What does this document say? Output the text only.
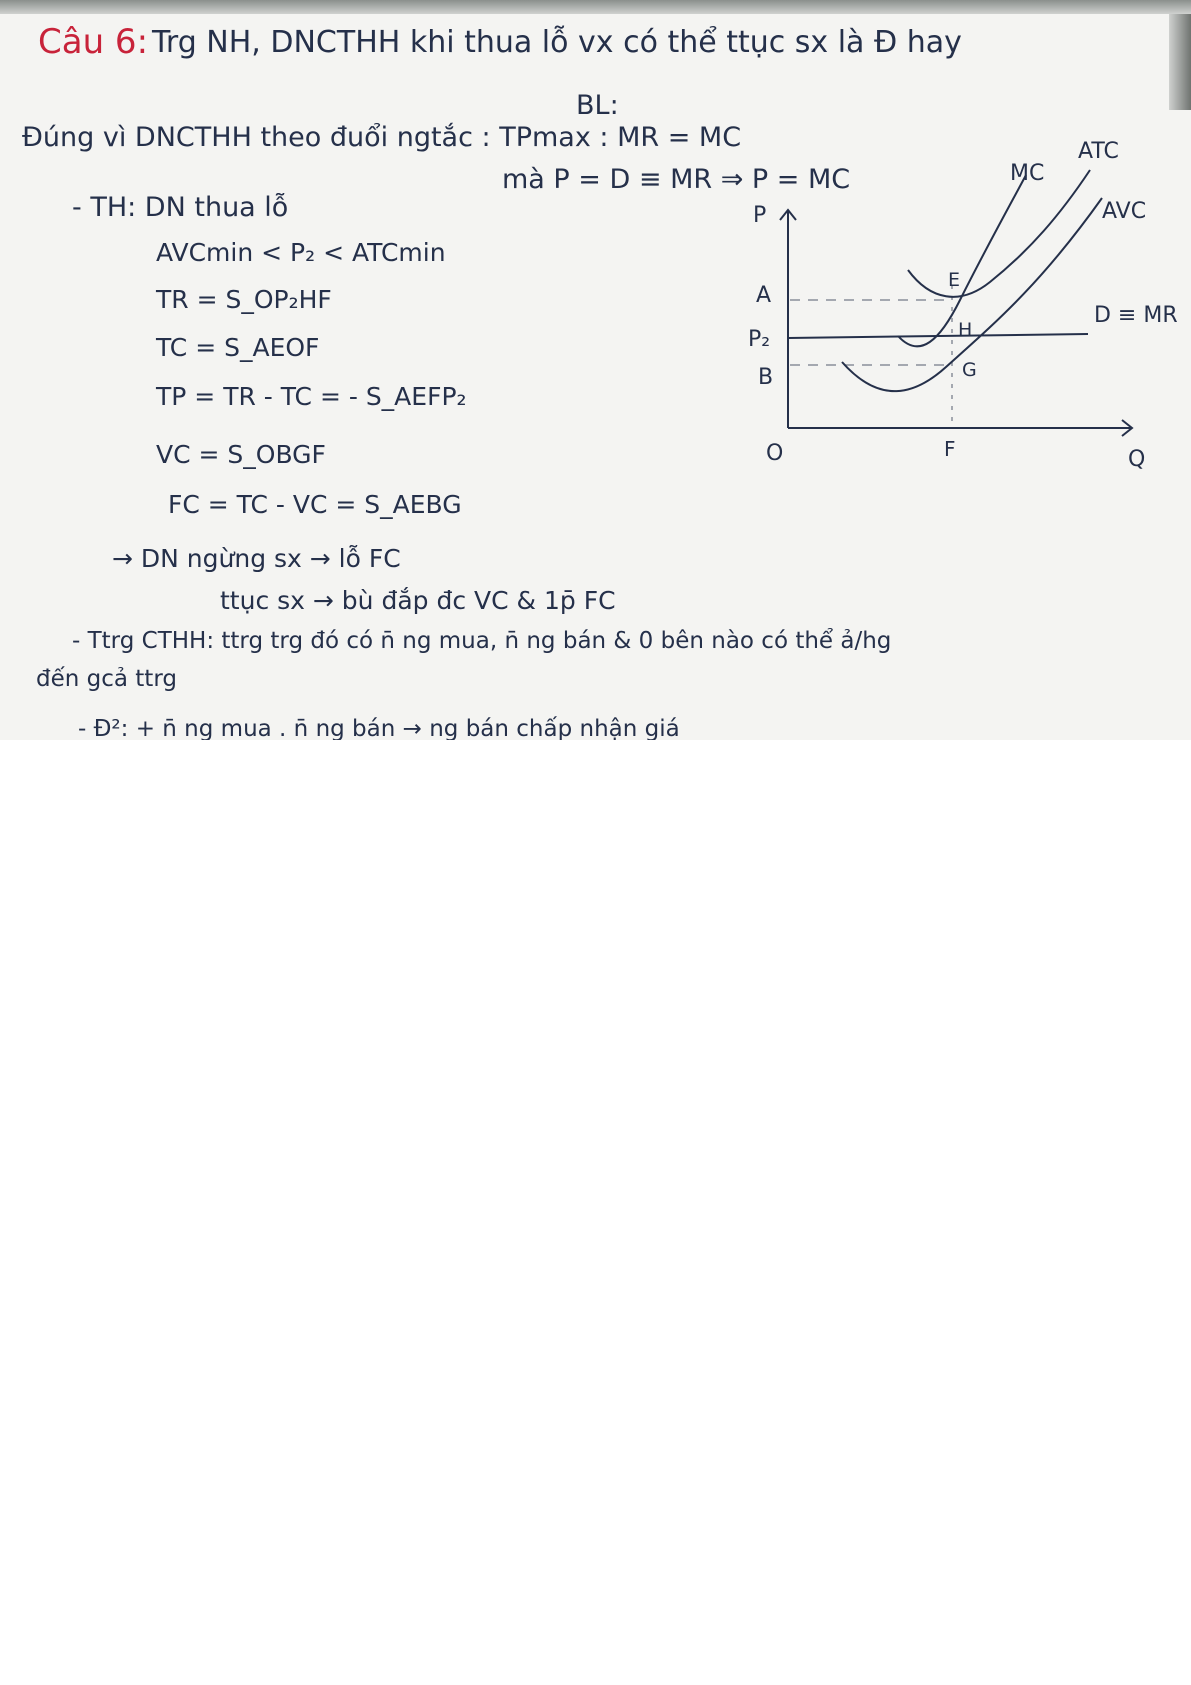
Câu 6: Trg NH, DNCTHH khi thua lỗ vx có thể ttục sx là Đ hay
BL:
Đúng vì DNCTHH theo đuổi ngtắc : TPmax : MR = MC
mà P = D ≡ MR ⇒ P = MC
- TH: DN thua lỗ
AVCmin < P₂ < ATCmin
TR = S_OP₂HF
TC = S_AEOF
TP = TR - TC = - S_AEFP₂
VC = S_OBGF
FC = TC - VC = S_AEBG
→ DN ngừng sx → lỗ FC
ttục sx → bù đắp đc VC & 1p̄ FC
- Ttrg CTHH: ttrg trg đó có n̄ ng mua, n̄ ng bán & 0 bên nào có thể ả/hg
đến gcả ttrg
- Đ²: + n̄ ng mua . n̄ ng bán → ng bán chấp nhận giá
P
Q
O
A
P₂
B
F
MC
ATC
AVC
D ≡ MR
E
H
G
